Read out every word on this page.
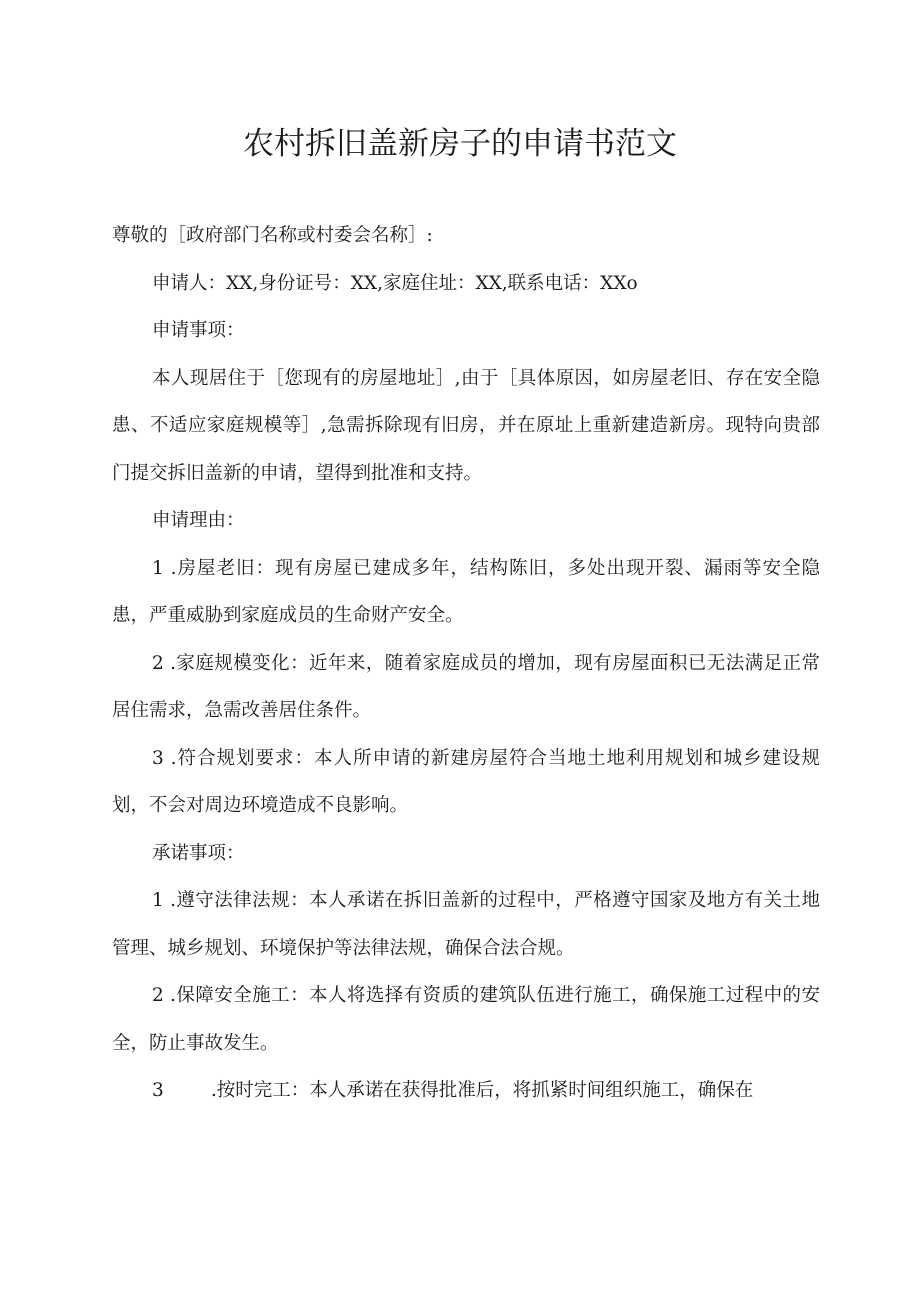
农村拆旧盖新房子的申请书范文

尊敬的［政府部门名称或村委会名称］:

申请人：XX,身份证号：XX,家庭住址：XX,联系电话：XXo

申请事项：

本人现居住于［您现有的房屋地址］,由于［具体原因，如房屋老旧、存在安全隐患、不适应家庭规模等］,急需拆除现有旧房，并在原址上重新建造新房。现特向贵部门提交拆旧盖新的申请，望得到批准和支持。

申请理由：

1 .房屋老旧：现有房屋已建成多年，结构陈旧，多处出现开裂、漏雨等安全隐患，严重威胁到家庭成员的生命财产安全。

2 .家庭规模变化：近年来，随着家庭成员的增加，现有房屋面积已无法满足正常居住需求，急需改善居住条件。

3 .符合规划要求：本人所申请的新建房屋符合当地土地利用规划和城乡建设规划，不会对周边环境造成不良影响。

承诺事项：

1 .遵守法律法规：本人承诺在拆旧盖新的过程中，严格遵守国家及地方有关土地管理、城乡规划、环境保护等法律法规，确保合法合规。

2 .保障安全施工：本人将选择有资质的建筑队伍进行施工，确保施工过程中的安全，防止事故发生。

3        .按时完工：本人承诺在获得批准后，将抓紧时间组织施工，确保在
